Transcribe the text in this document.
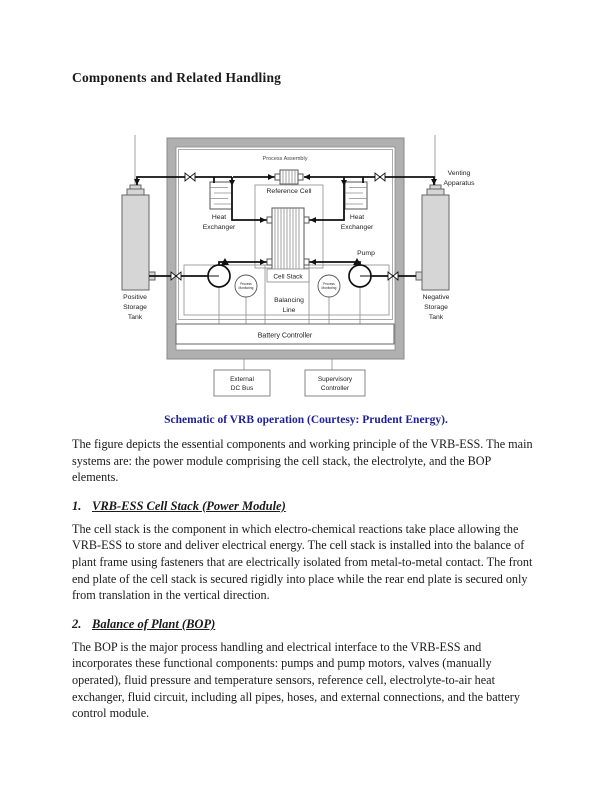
Components and Related Handling
Process Assembly
Reference Cell
Cell Stack
Pump
Process
Monitoring
Process
Monitoring
Balancing
Line
Battery Controller
External
DC Bus
Supervisory
Controller
Positive
Storage
Tank
Negative
Storage
Tank
Venting
Apparatus
Heat
Exchanger
Heat
Exchanger
Schematic of VRB operation (Courtesy: Prudent Energy).

The figure depicts the essential components and working principle of the VRB-ESS. The main systems are: the power module comprising the cell stack, the electrolyte, and the BOP elements.

1. VRB-ESS Cell Stack (Power Module)

The cell stack is the component in which electro-chemical reactions take place allowing the VRB-ESS to store and deliver electrical energy. The cell stack is installed into the balance of plant frame using fasteners that are electrically isolated from metal-to-metal contact. The front end plate of the cell stack is secured rigidly into place while the rear end plate is secured only from translation in the vertical direction.

2. Balance of Plant (BOP)

The BOP is the major process handling and electrical interface to the VRB-ESS and incorporates these functional components: pumps and pump motors, valves (manually operated), fluid pressure and temperature sensors, reference cell, electrolyte-to-air heat exchanger, fluid circuit, including all pipes, hoses, and external connections, and the battery control module.
